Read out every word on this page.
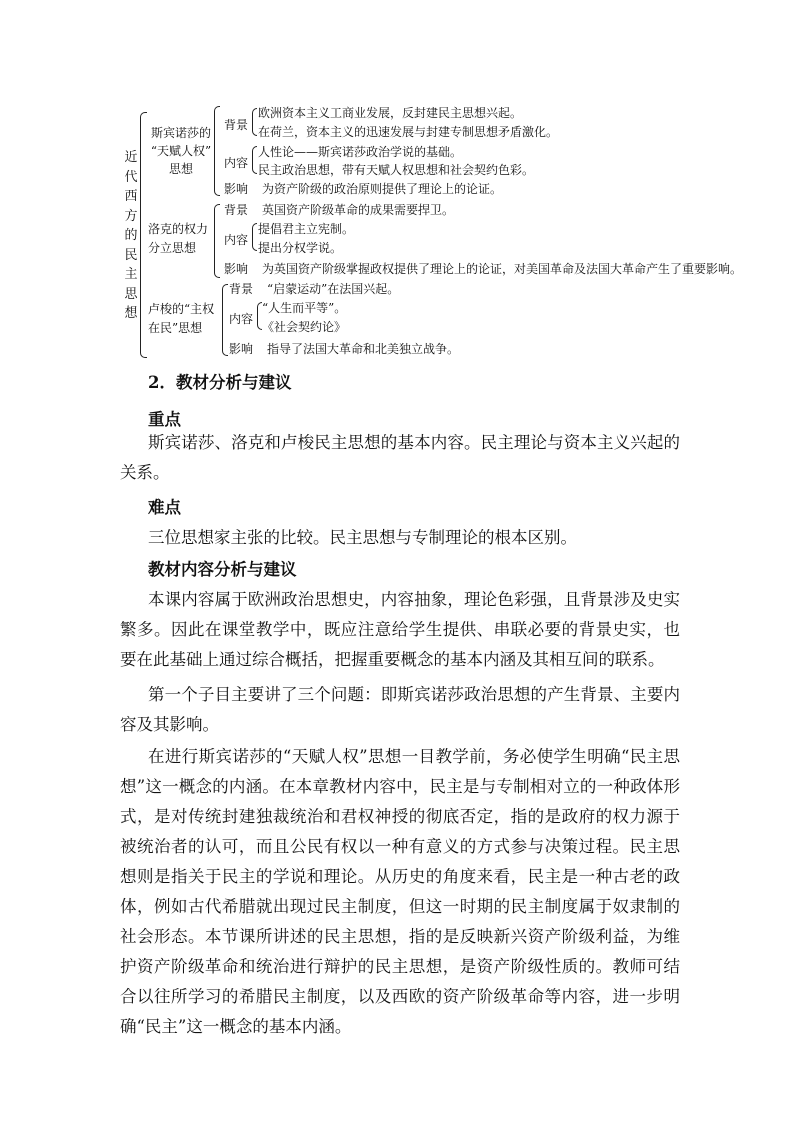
近
代
西
方
的
民
主
思
想
斯宾诺莎的
“天赋人权”
思想
背景
欧洲资本主义工商业发展，反封建民主思想兴起。
在荷兰，资本主义的迅速发展与封建专制思想矛盾激化。
内容
人性论——斯宾诺莎政治学说的基础。
民主政治思想，带有天赋人权思想和社会契约色彩。
影响 为资产阶级的政治原则提供了理论上的论证。
洛克的权力
分立思想
背景 英国资产阶级革命的成果需要捍卫。
内容
提倡君主立宪制。
提出分权学说。
影响 为英国资产阶级掌握政权提供了理论上的论证，对美国革命及法国大革命产生了重要影响。
卢梭的“主权
在民”思想
背景 “启蒙运动”在法国兴起。
内容
“人生而平等”。
《社会契约论》
影响 指导了法国大革命和北美独立战争。
2．教材分析与建议
重点
斯宾诺莎、洛克和卢梭民主思想的基本内容。民主理论与资本主义兴起的关系。
难点
三位思想家主张的比较。民主思想与专制理论的根本区别。
教材内容分析与建议
本课内容属于欧洲政治思想史，内容抽象，理论色彩强，且背景涉及史实繁多。因此在课堂教学中，既应注意给学生提供、串联必要的背景史实，也要在此基础上通过综合概括，把握重要概念的基本内涵及其相互间的联系。
第一个子目主要讲了三个问题：即斯宾诺莎政治思想的产生背景、主要内容及其影响。
在进行斯宾诺莎的“天赋人权”思想一目教学前，务必使学生明确“民主思想”这一概念的内涵。在本章教材内容中，民主是与专制相对立的一种政体形式，是对传统封建独裁统治和君权神授的彻底否定，指的是政府的权力源于被统治者的认可，而且公民有权以一种有意义的方式参与决策过程。民主思想则是指关于民主的学说和理论。从历史的角度来看，民主是一种古老的政体，例如古代希腊就出现过民主制度，但这一时期的民主制度属于奴隶制的社会形态。本节课所讲述的民主思想，指的是反映新兴资产阶级利益，为维护资产阶级革命和统治进行辩护的民主思想，是资产阶级性质的。教师可结合以往所学习的希腊民主制度，以及西欧的资产阶级革命等内容，进一步明确“民主”这一概念的基本内涵。
